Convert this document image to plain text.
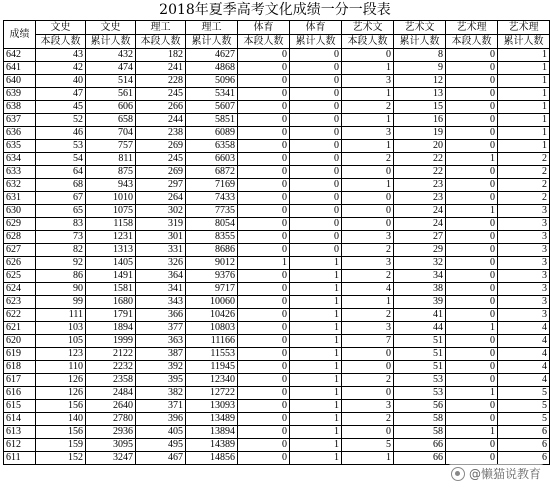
2018年夏季高考文化成绩一分一段表
成绩	文史	文史	理工	理工	体育	体育	艺术文	艺术文	艺术理	艺术理
	本段人数	累计人数	本段人数	累计人数	本段人数	累计人数	本段人数	累计人数	本段人数	累计人数
642	43	432	182	4627	0	0	0	8	0	1
641	42	474	241	4868	0	0	1	9	0	1
640	40	514	228	5096	0	0	3	12	0	1
639	47	561	245	5341	0	0	1	13	0	1
638	45	606	266	5607	0	0	2	15	0	1
637	52	658	244	5851	0	0	1	16	0	1
636	46	704	238	6089	0	0	3	19	0	1
635	53	757	269	6358	0	0	1	20	0	1
634	54	811	245	6603	0	0	2	22	1	2
633	64	875	269	6872	0	0	0	22	0	2
632	68	943	297	7169	0	0	1	23	0	2
631	67	1010	264	7433	0	0	0	23	0	2
630	65	1075	302	7735	0	0	0	24	1	3
629	83	1158	319	8054	0	0	0	24	0	3
628	73	1231	301	8355	0	0	3	27	0	3
627	82	1313	331	8686	0	0	2	29	0	3
626	92	1405	326	9012	1	1	3	32	0	3
625	86	1491	364	9376	0	1	2	34	0	3
624	90	1581	341	9717	0	1	4	38	0	3
623	99	1680	343	10060	0	1	1	39	0	3
622	111	1791	366	10426	0	1	2	41	0	3
621	103	1894	377	10803	0	1	3	44	1	4
620	105	1999	363	11166	0	1	7	51	0	4
619	123	2122	387	11553	0	1	0	51	0	4
618	110	2232	392	11945	0	1	0	51	0	4
617	126	2358	395	12340	0	1	2	53	0	4
616	126	2484	382	12722	0	1	0	53	1	5
615	156	2640	371	13093	0	1	3	56	0	5
614	140	2780	396	13489	0	1	2	58	0	5
613	156	2936	405	13894	0	1	0	58	1	6
612	159	3095	495	14389	0	1	5	66	0	6
611	152	3247	467	14856	0	1	1	66	0	6
@懒猫说教育
